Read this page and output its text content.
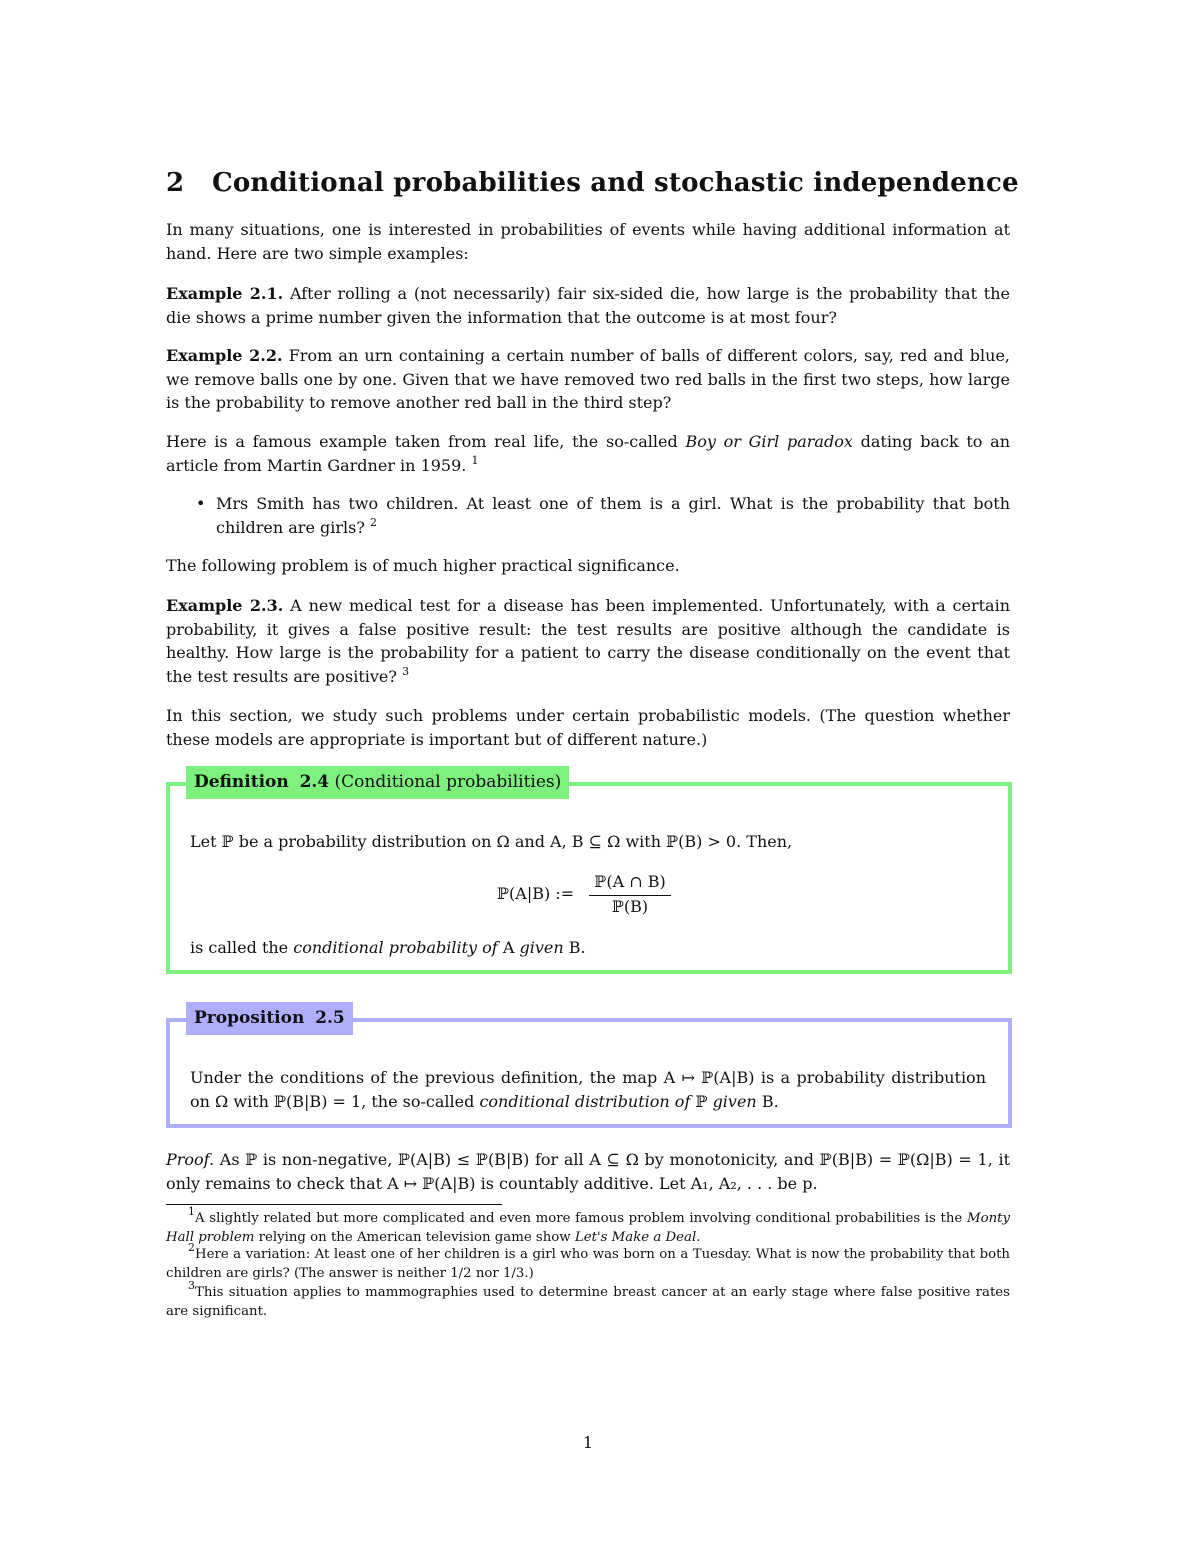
2 Conditional probabilities and stochastic independence
In many situations, one is interested in probabilities of events while having additional information at hand. Here are two simple examples:
Example 2.1. After rolling a (not necessarily) fair six-sided die, how large is the probability that the die shows a prime number given the information that the outcome is at most four?
Example 2.2. From an urn containing a certain number of balls of different colors, say, red and blue, we remove balls one by one. Given that we have removed two red balls in the first two steps, how large is the probability to remove another red ball in the third step?
Here is a famous example taken from real life, the so-called Boy or Girl paradox dating back to an article from Martin Gardner in 1959. $^1$
• Mrs Smith has two children. At least one of them is a girl. What is the probability that both children are girls? $^2$
The following problem is of much higher practical significance.
Example 2.3. A new medical test for a disease has been implemented. Unfortunately, with a certain probability, it gives a false positive result: the test results are positive although the candidate is healthy. How large is the probability for a patient to carry the disease conditionally on the event that the test results are positive? $^3$
In this section, we study such problems under certain probabilistic models. (The question whether these models are appropriate is important but of different nature.)
Definition 2.4 (Conditional probabilities)
Let ℙ be a probability distribution on Ω and A, B ⊆ Ω with ℙ(B) > 0. Then,
ℙ(A|B) :=
ℙ(A ∩ B)
ℙ(B)
is called the conditional probability of A given B.
Proposition 2.5
Under the conditions of the previous definition, the map A ↦ ℙ(A|B) is a probability distribution on Ω with ℙ(B|B) = 1, the so-called conditional distribution of ℙ given B.
Proof. As ℙ is non-negative, ℙ(A|B) ≤ ℙ(B|B) for all A ⊆ Ω by monotonicity, and ℙ(B|B) = ℙ(Ω|B) = 1, it only remains to check that A ↦ ℙ(A|B) is countably additive. Let A₁, A₂, . . . be p.
$^1$A slightly related but more complicated and even more famous problem involving conditional probabilities is the Monty Hall problem relying on the American television game show Let's Make a Deal.
$^2$Here a variation: At least one of her children is a girl who was born on a Tuesday. What is now the probability that both children are girls? (The answer is neither 1/2 nor 1/3.)
$^3$This situation applies to mammographies used to determine breast cancer at an early stage where false positive rates are significant.
1
